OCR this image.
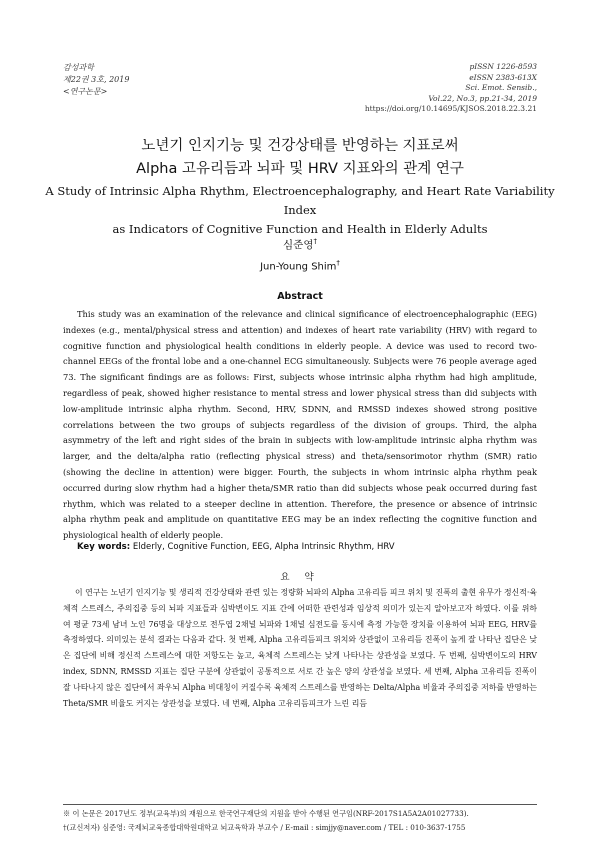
감성과학
제22권 3호, 2019
<연구논문>
pISSN 1226-8593
eISSN 2383-613X
Sci. Emot. Sensib.,
Vol.22, No.3, pp.21-34, 2019
https://doi.org/10.14695/KJSOS.2018.22.3.21
노년기 인지기능 및 건강상태를 반영하는 지표로써
Alpha 고유리듬과 뇌파 및 HRV 지표와의 관계 연구
A Study of Intrinsic Alpha Rhythm, Electroencephalography, and Heart Rate Variability Index
as Indicators of Cognitive Function and Health in Elderly Adults
심준영†
Jun-Young Shim†
Abstract

This study was an examination of the relevance and clinical significance of electroencephalographic (EEG) indexes (e.g., mental/physical stress and attention) and indexes of heart rate variability (HRV) with regard to cognitive function and physiological health conditions in elderly people. A device was used to record two-channel EEGs of the frontal lobe and a one-channel ECG simultaneously. Subjects were 76 people average aged 73. The significant findings are as follows: First, subjects whose intrinsic alpha rhythm had high amplitude, regardless of peak, showed higher resistance to mental stress and lower physical stress than did subjects with low-amplitude intrinsic alpha rhythm. Second, HRV, SDNN, and RMSSD indexes showed strong positive correlations between the two groups of subjects regardless of the division of groups. Third, the alpha asymmetry of the left and right sides of the brain in subjects with low-amplitude intrinsic alpha rhythm was larger, and the delta/alpha ratio (reflecting physical stress) and theta/sensorimotor rhythm (SMR) ratio (showing the decline in attention) were bigger. Fourth, the subjects in whom intrinsic alpha rhythm peak occurred during slow rhythm had a higher theta/SMR ratio than did subjects whose peak occurred during fast rhythm, which was related to a steeper decline in attention. Therefore, the presence or absence of intrinsic alpha rhythm peak and amplitude on quantitative EEG may be an index reflecting the cognitive function and physiological health of elderly people.

Key words: Elderly, Cognitive Function, EEG, Alpha Intrinsic Rhythm, HRV
요 약

이 연구는 노년기 인지기능 및 생리적 건강상태와 관련 있는 정량화 뇌파의 Alpha 고유리듬 피크 위치 및 진폭의 출현 유무가 정신적·육체적 스트레스, 주의집중 등의 뇌파 지표들과 심박변이도 지표 간에 어떠한 관련성과 임상적 의미가 있는지 알아보고자 하였다. 이를 위하여 평균 73세 남녀 노인 76명을 대상으로 전두엽 2채널 뇌파와 1채널 심전도를 동시에 측정 가능한 장치를 이용하여 뇌파 EEG, HRV를 측정하였다. 의미있는 분석 결과는 다음과 같다. 첫 번째, Alpha 고유리듬피크 위치와 상관없이 고유리듬 진폭이 높게 잘 나타난 집단은 낮은 집단에 비해 정신적 스트레스에 대한 저항도는 높고, 육체적 스트레스는 낮게 나타나는 상관성을 보였다. 두 번째, 심박변이도의 HRV index, SDNN, RMSSD 지표는 집단 구분에 상관없이 공통적으로 서로 간 높은 양의 상관성을 보였다. 세 번째, Alpha 고유리듬 진폭이 잘 나타나지 않은 집단에서 좌우뇌 Alpha 비대칭이 커질수록 육체적 스트레스를 반영하는 Delta/Alpha 비율과 주의집중 저하를 반영하는 Theta/SMR 비율도 커지는 상관성을 보였다. 네 번째, Alpha 고유리듬피크가 느린 리듬

※ 이 논문은 2017년도 정부(교육부)의 재원으로 한국연구재단의 지원을 받아 수행된 연구임(NRF-2017S1A5A2A01027733).
†(교신저자) 심준영: 국제뇌교육종합대학원대학교 뇌교육학과 부교수 / E-mail : simjjy@naver.com / TEL : 010-3637-1755
